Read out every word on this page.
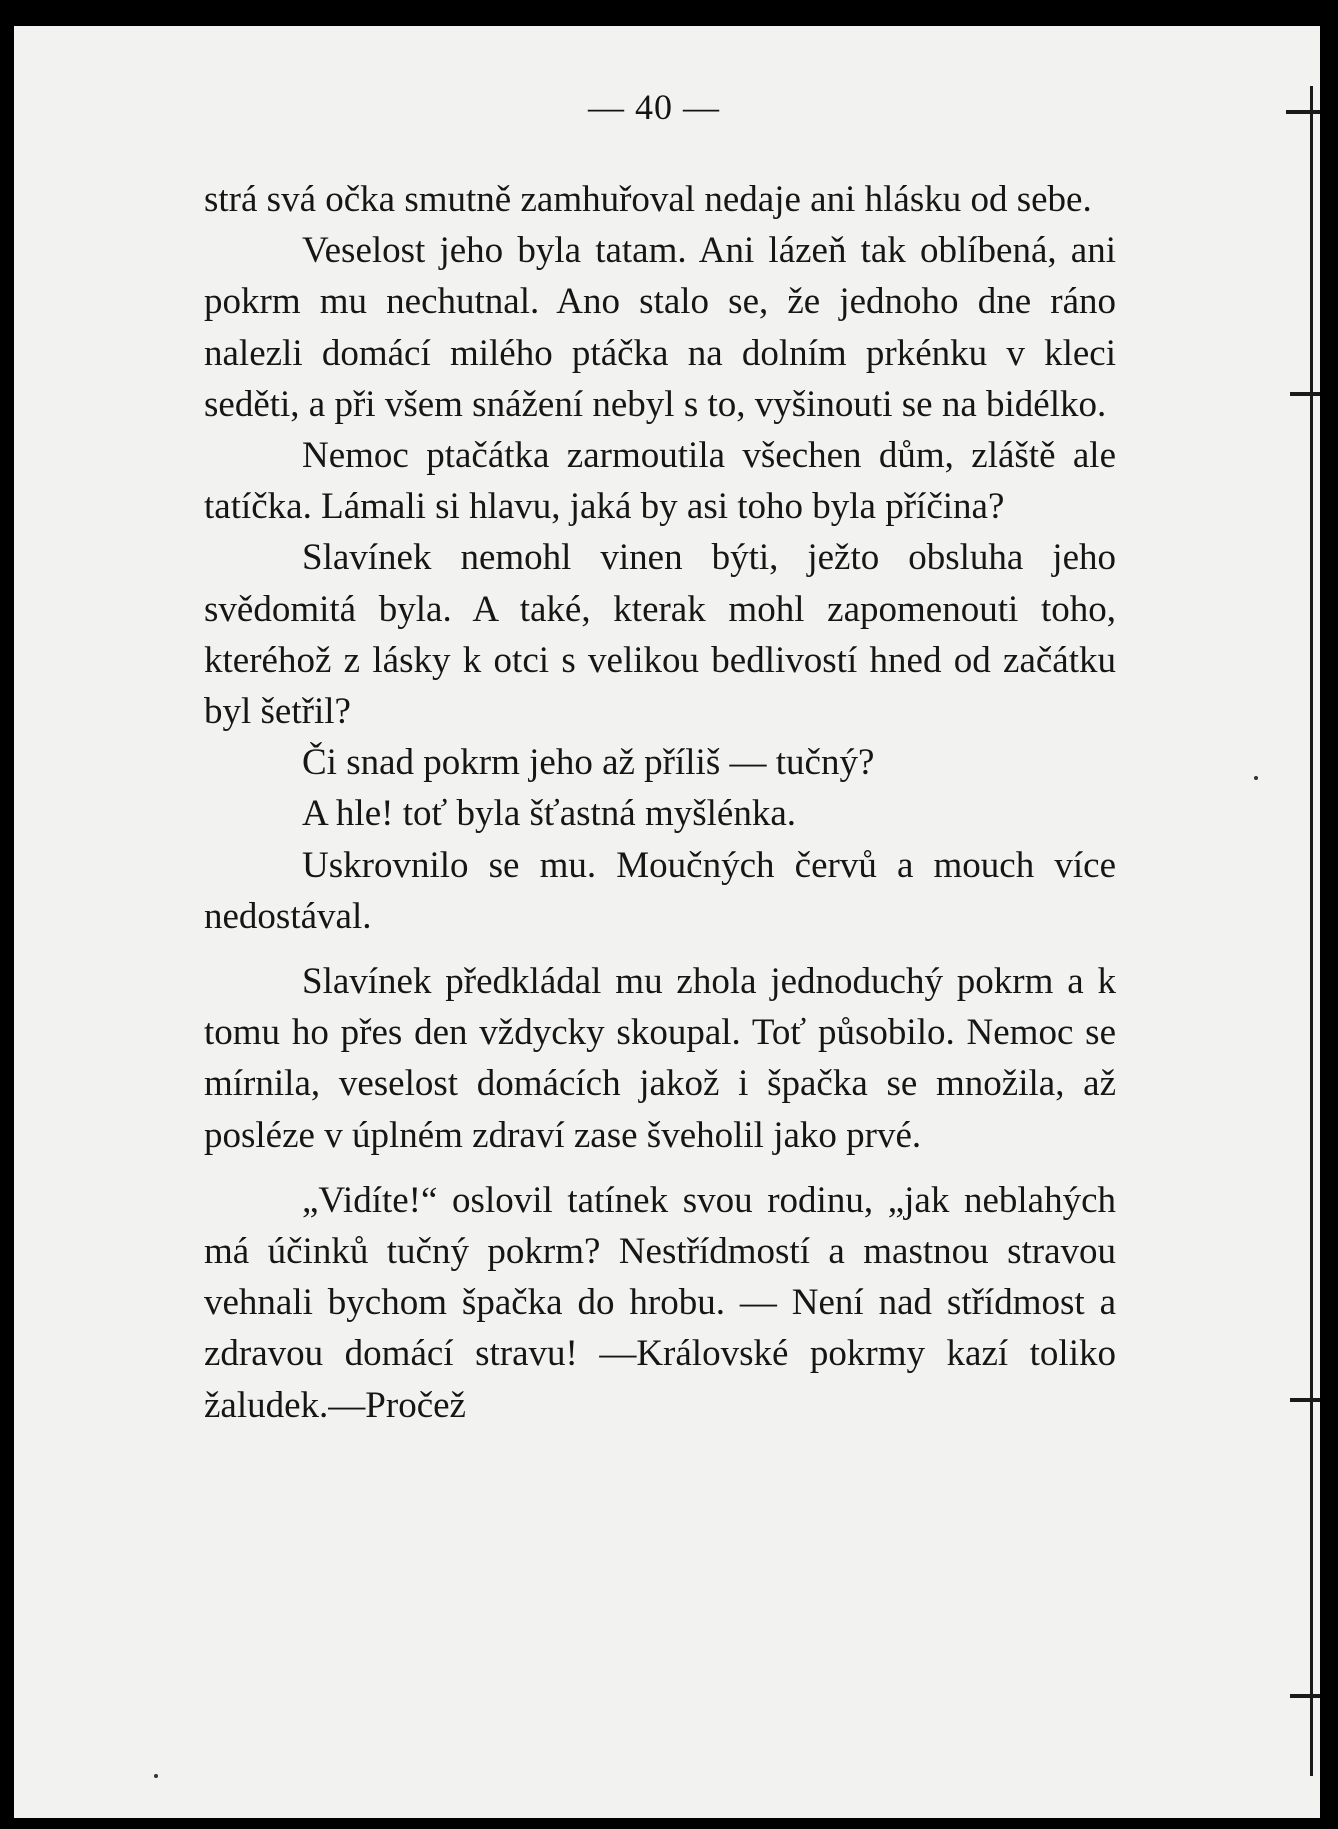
— 40 —

strá svá očka smutně zamhuřoval nedaje ani hlásku od sebe.

Veselost jeho byla tatam. Ani lázeň tak oblíbená, ani pokrm mu nechutnal. Ano stalo se, že jednoho dne ráno nalezli domácí milého ptáčka na dolním prkénku v kleci seděti, a při všem snážení nebyl s to, vyšinouti se na bidélko.

Nemoc ptačátka zarmoutila všechen dům, zláště ale tatíčka. Lámali si hlavu, jaká by asi toho byla příčina?

Slavínek nemohl vinen býti, ježto obsluha jeho svědomitá byla. A také, kterak mohl zapomenouti toho, kteréhož z lásky k otci s velikou bedlivostí hned od začátku byl šetřil?

Či snad pokrm jeho až příliš — tučný?

A hle! toť byla šťastná myšlénka.

Uskrovnilo se mu. Moučných červů a mouch více nedostával.

Slavínek předkládal mu zhola jednoduchý pokrm a k tomu ho přes den vždycky skoupal. Toť působilo. Nemoc se mírnila, veselost domácích jakož i špačka se množila, až posléze v úplném zdraví zase šveholil jako prvé.

„Vidíte!“ oslovil tatínek svou rodinu, „jak neblahých má účinků tučný pokrm? Nestřídmostí a mastnou stravou vehnali bychom špačka do hrobu. — Není nad střídmost a zdravou domácí stravu! —Královské pokrmy kazí toliko žaludek.—Pročež
